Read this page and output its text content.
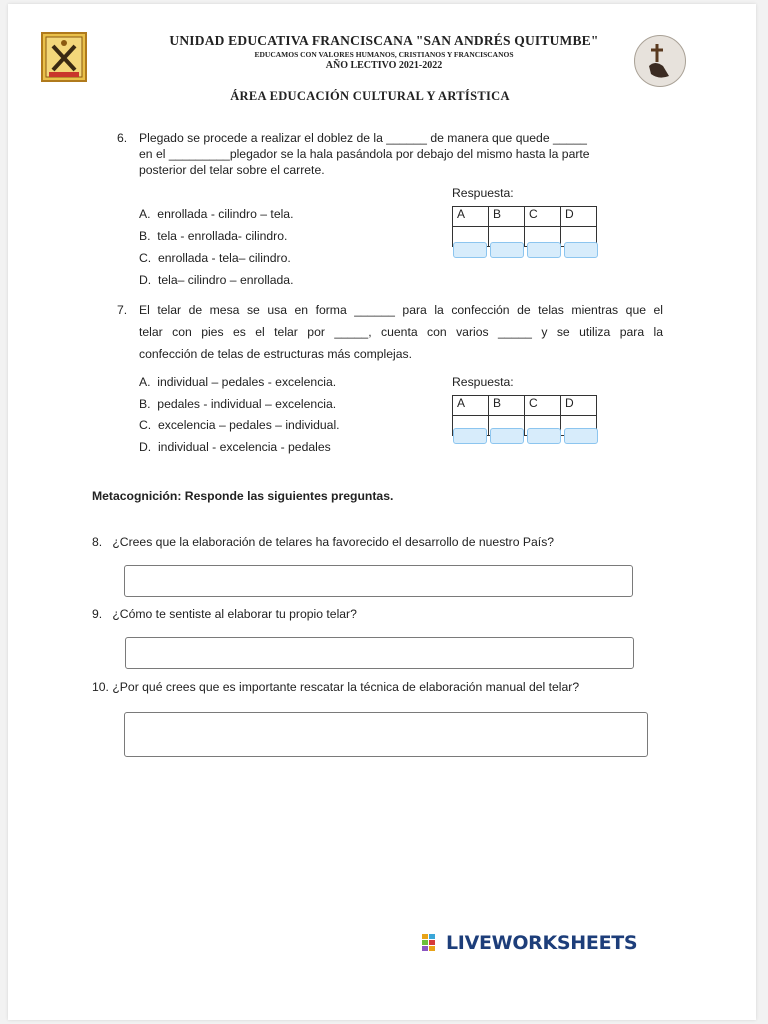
UNIDAD EDUCATIVA FRANCISCANA "SAN ANDRÉS QUITUMBE"
EDUCAMOS CON VALORES HUMANOS, CRISTIANOS Y FRANCISCANOS
AÑO LECTIVO 2021-2022
ÁREA EDUCACIÓN CULTURAL Y ARTÍSTICA
6. Plegado se procede a realizar el doblez de la ______ de manera que quede _____
en el _________plegador se la hala pasándola por debajo del mismo hasta la parte
posterior del telar sobre el carrete.
A. enrollada - cilindro – tela.
B. tela - enrollada- cilindro.
C. enrollada - tela– cilindro.
D. tela– cilindro – enrollada.
Respuesta:
A	B	C	D

7. El telar de mesa se usa en forma ______ para la confección de telas mientras que el
telar con pies es el telar por _____, cuenta con varios _____ y se utiliza para la
confección de telas de estructuras más complejas.
A. individual – pedales - excelencia.
B. pedales - individual – excelencia.
C. excelencia – pedales – individual.
D. individual - excelencia - pedales
Respuesta:
A	B	C	D

Metacognición: Responde las siguientes preguntas.
8. ¿Crees que la elaboración de telares ha favorecido el desarrollo de nuestro País?
9. ¿Cómo te sentiste al elaborar tu propio telar?
10. ¿Por qué crees que es importante rescatar la técnica de elaboración manual del telar?
LIVEWORKSHEETS
